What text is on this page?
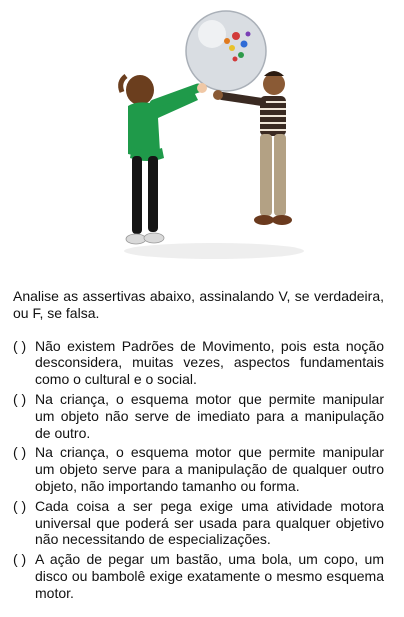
Analise as assertivas abaixo, assinalando V, se verdadeira, ou F, se falsa.

( ) Não existem Padrões de Movimento, pois esta noção desconsidera, muitas vezes, aspectos fundamentais como o cultural e o social.
( ) Na criança, o esquema motor que permite manipular um objeto não serve de imediato para a manipulação de outro.
( ) Na criança, o esquema motor que permite manipular um objeto serve para a manipulação de qualquer outro objeto, não importando tamanho ou forma.
( ) Cada coisa a ser pega exige uma atividade motora universal que poderá ser usada para qualquer objetivo não necessitando de especializações.
( ) A ação de pegar um bastão, uma bola, um copo, um disco ou bambolê exige exatamente o mesmo esquema motor.
